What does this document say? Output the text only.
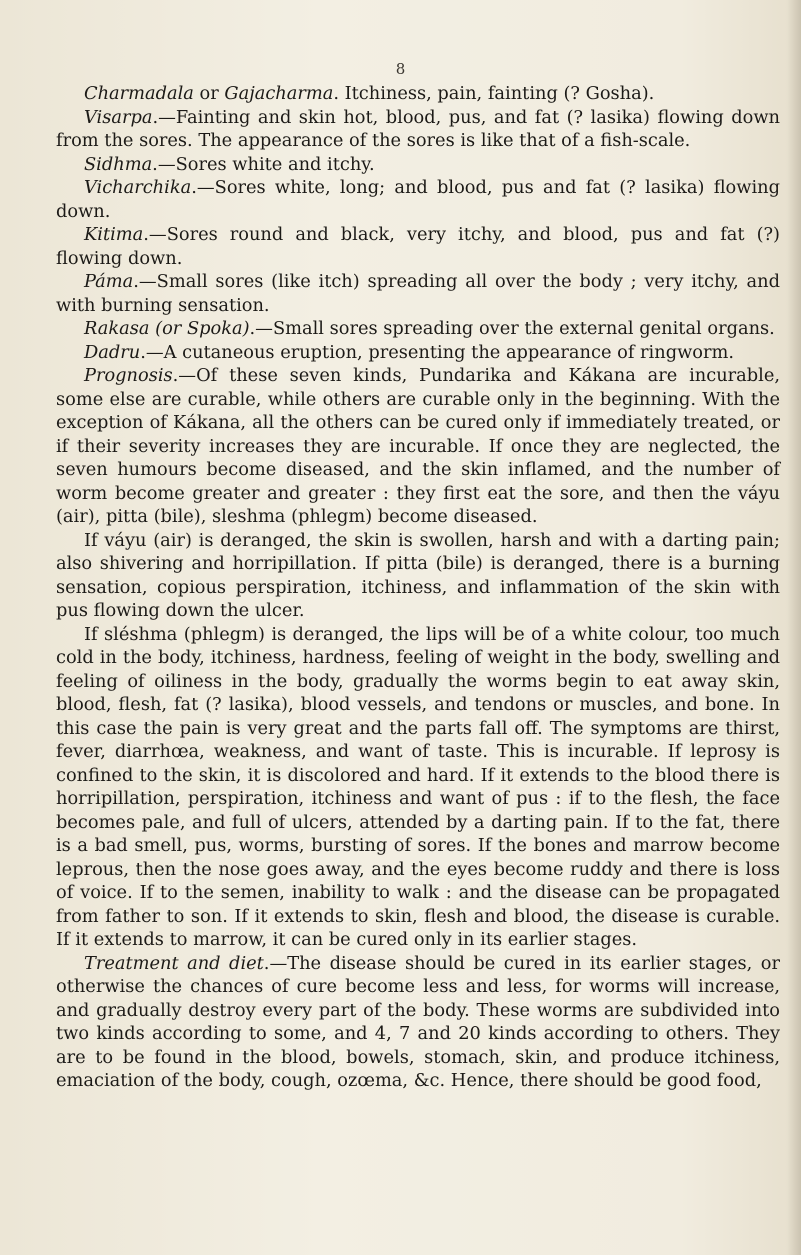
8

Charmadala or Gajacharma. Itchiness, pain, fainting (? Gosha).

Visarpa.—Fainting and skin hot, blood, pus, and fat (? lasika) flowing down from the sores. The appearance of the sores is like that of a fish-scale.

Sidhma.—Sores white and itchy.

Vicharchika.—Sores white, long; and blood, pus and fat (? lasika) flowing down.

Kitima.—Sores round and black, very itchy, and blood, pus and fat (?) flowing down.

Páma.—Small sores (like itch) spreading all over the body ; very itchy, and with burning sensation.

Rakasa (or Spoka).—Small sores spreading over the external genital organs.

Dadru.—A cutaneous eruption, presenting the appearance of ringworm.

Prognosis.—Of these seven kinds, Pundarika and Kákana are incurable, some else are curable, while others are curable only in the beginning. With the exception of Kákana, all the others can be cured only if immediately treated, or if their severity increases they are incurable. If once they are neglected, the seven humours become diseased, and the skin inflamed, and the number of worm become greater and greater : they first eat the sore, and then the váyu (air), pitta (bile), sleshma (phlegm) become diseased.

If váyu (air) is deranged, the skin is swollen, harsh and with a darting pain; also shivering and horripillation. If pitta (bile) is deranged, there is a burning sensation, copious perspiration, itchiness, and inflammation of the skin with pus flowing down the ulcer.

If sléshma (phlegm) is deranged, the lips will be of a white colour, too much cold in the body, itchiness, hardness, feeling of weight in the body, swelling and feeling of oiliness in the body, gradually the worms begin to eat away skin, blood, flesh, fat (? lasika), blood vessels, and tendons or muscles, and bone. In this case the pain is very great and the parts fall off. The symptoms are thirst, fever, diarrhœa, weakness, and want of taste. This is incurable. If leprosy is confined to the skin, it is discolored and hard. If it extends to the blood there is horripillation, perspiration, itchiness and want of pus : if to the flesh, the face becomes pale, and full of ulcers, attended by a darting pain. If to the fat, there is a bad smell, pus, worms, bursting of sores. If the bones and marrow become leprous, then the nose goes away, and the eyes become ruddy and there is loss of voice. If to the semen, inability to walk : and the disease can be propagated from father to son. If it extends to skin, flesh and blood, the disease is curable. If it extends to marrow, it can be cured only in its earlier stages.

Treatment and diet.—The disease should be cured in its earlier stages, or otherwise the chances of cure become less and less, for worms will increase, and gradually destroy every part of the body. These worms are subdivided into two kinds according to some, and 4, 7 and 20 kinds according to others. They are to be found in the blood, bowels, stomach, skin, and produce itchiness, emaciation of the body, cough, ozœma, &c. Hence, there should be good food,
